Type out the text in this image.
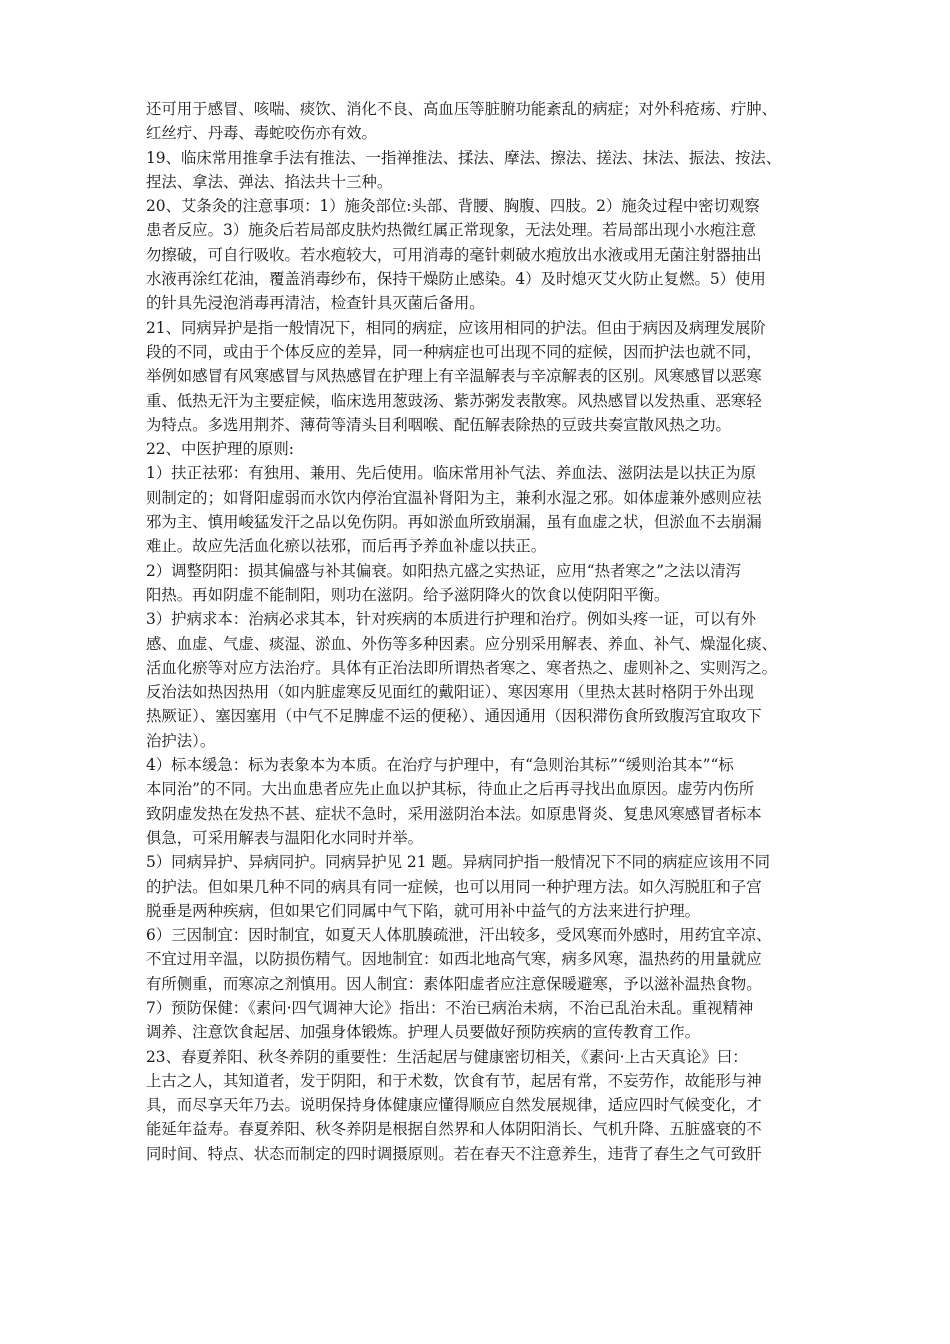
还可用于感冒、咳喘、痰饮、消化不良、高血压等脏腑功能紊乱的病症；对外科疮疡、疔肿、
红丝疔、丹毒、毒蛇咬伤亦有效。
19、临床常用推拿手法有推法、一指禅推法、揉法、摩法、擦法、搓法、抹法、振法、按法、
捏法、拿法、弹法、掐法共十三种。
20、艾条灸的注意事项：1）施灸部位:头部、背腰、胸腹、四肢。2）施灸过程中密切观察
患者反应。3）施灸后若局部皮肤灼热微红属正常现象，无法处理。若局部出现小水疱注意
勿擦破，可自行吸收。若水疱较大，可用消毒的毫针刺破水疱放出水液或用无菌注射器抽出
水液再涂红花油，覆盖消毒纱布，保持干燥防止感染。4）及时熄灭艾火防止复燃。5）使用
的针具先浸泡消毒再清洁，检查针具灭菌后备用。
21、同病异护是指一般情况下，相同的病症，应该用相同的护法。但由于病因及病理发展阶
段的不同，或由于个体反应的差异，同一种病症也可出现不同的症候，因而护法也就不同，
举例如感冒有风寒感冒与风热感冒在护理上有辛温解表与辛凉解表的区别。风寒感冒以恶寒
重、低热无汗为主要症候，临床选用葱豉汤、紫苏粥发表散寒。风热感冒以发热重、恶寒轻
为特点。多选用荆芥、薄荷等清头目利咽喉、配伍解表除热的豆豉共奏宣散风热之功。
22、中医护理的原则:
1）扶正祛邪：有独用、兼用、先后使用。临床常用补气法、养血法、滋阴法是以扶正为原
则制定的；如肾阳虚弱而水饮内停治宜温补肾阳为主，兼利水湿之邪。如体虚兼外感则应祛
邪为主、慎用峻猛发汗之品以免伤阴。再如淤血所致崩漏，虽有血虚之状，但淤血不去崩漏
难止。故应先活血化瘀以祛邪，而后再予养血补虚以扶正。
2）调整阴阳：损其偏盛与补其偏衰。如阳热亢盛之实热证，应用“热者寒之”之法以清泻
阳热。再如阴虚不能制阳，则功在滋阴。给予滋阴降火的饮食以使阴阳平衡。
3）护病求本：治病必求其本，针对疾病的本质进行护理和治疗。例如头疼一证，可以有外
感、血虚、气虚、痰湿、淤血、外伤等多种因素。应分别采用解表、养血、补气、燥湿化痰、
活血化瘀等对应方法治疗。具体有正治法即所谓热者寒之、寒者热之、虚则补之、实则泻之。
反治法如热因热用（如内脏虚寒反见面红的戴阳证）、寒因寒用（里热太甚时格阴于外出现
热厥证）、塞因塞用（中气不足脾虚不运的便秘）、通因通用（因积滞伤食所致腹泻宜取攻下
治护法）。
4）标本缓急：标为表象本为本质。在治疗与护理中，有“急则治其标”“缓则治其本”“标
本同治”的不同。大出血患者应先止血以护其标，待血止之后再寻找出血原因。虚劳内伤所
致阴虚发热在发热不甚、症状不急时，采用滋阴治本法。如原患肾炎、复患风寒感冒者标本
俱急，可采用解表与温阳化水同时并举。
5）同病异护、异病同护。同病异护见 21 题。异病同护指一般情况下不同的病症应该用不同
的护法。但如果几种不同的病具有同一症候，也可以用同一种护理方法。如久泻脱肛和子宫
脱垂是两种疾病，但如果它们同属中气下陷，就可用补中益气的方法来进行护理。
6）三因制宜：因时制宜，如夏天人体肌腠疏泄，汗出较多，受风寒而外感时，用药宜辛凉、
不宜过用辛温，以防损伤精气。因地制宜：如西北地高气寒，病多风寒，温热药的用量就应
有所侧重，而寒凉之剂慎用。因人制宜：素体阳虚者应注意保暖避寒，予以滋补温热食物。
7）预防保健：《素问·四气调神大论》指出：不治已病治未病，不治已乱治未乱。重视精神
调养、注意饮食起居、加强身体锻炼。护理人员要做好预防疾病的宣传教育工作。
23、春夏养阳、秋冬养阴的重要性：生活起居与健康密切相关，《素问·上古天真论》曰：
上古之人，其知道者，发于阴阳，和于术数，饮食有节，起居有常，不妄劳作，故能形与神
具，而尽享天年乃去。说明保持身体健康应懂得顺应自然发展规律，适应四时气候变化，才
能延年益寿。春夏养阳、秋冬养阴是根据自然界和人体阴阳消长、气机升降、五脏盛衰的不
同时间、特点、状态而制定的四时调摄原则。若在春天不注意养生，违背了春生之气可致肝
